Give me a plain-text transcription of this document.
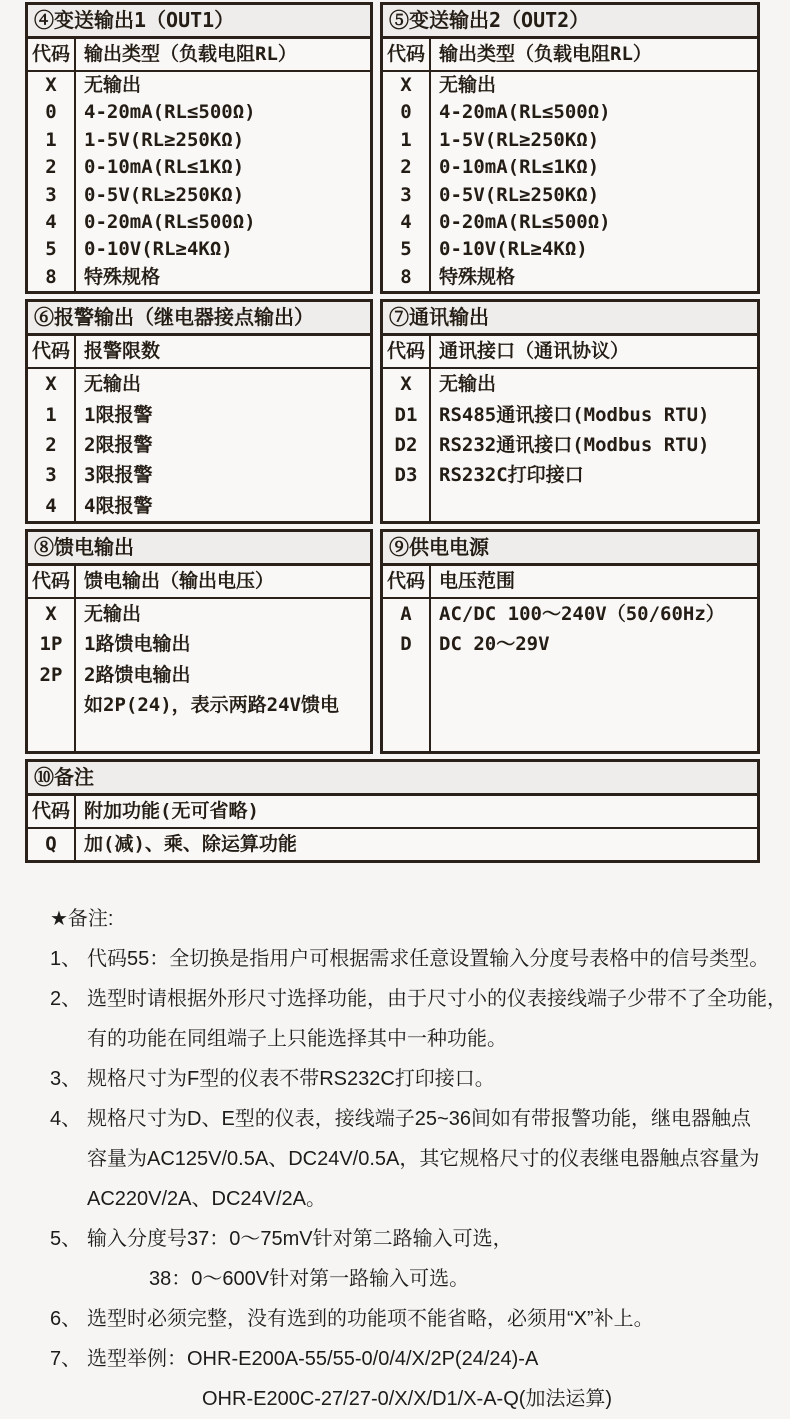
④变送输出1（OUT1）
代码 输出类型（负载电阻RL）
X
0
1
2
3
4
5
8
无输出
4-20mA(RL≤500Ω)
1-5V(RL≥250KΩ)
0-10mA(RL≤1KΩ)
0-5V(RL≥250KΩ)
0-20mA(RL≤500Ω)
0-10V(RL≥4KΩ)
特殊规格
⑤变送输出2（OUT2）
代码 输出类型（负载电阻RL）
X
0
1
2
3
4
5
8
无输出
4-20mA(RL≤500Ω)
1-5V(RL≥250KΩ)
0-10mA(RL≤1KΩ)
0-5V(RL≥250KΩ)
0-20mA(RL≤500Ω)
0-10V(RL≥4KΩ)
特殊规格
⑥报警输出（继电器接点输出）
代码 报警限数
X
1
2
3
4
无输出
1限报警
2限报警
3限报警
4限报警
⑦通讯输出
代码 通讯接口（通讯协议）
X
D1
D2
D3
无输出
RS485通讯接口(Modbus RTU)
RS232通讯接口(Modbus RTU)
RS232C打印接口
⑧馈电输出
代码 馈电输出（输出电压）
X
1P
2P
无输出
1路馈电输出
2路馈电输出
如2P(24)，表示两路24V馈电
⑨供电电源
代码 电压范围
A
D
AC/DC 100～240V（50/60Hz）
DC 20～29V
⑩备注
代码 附加功能(无可省略)
Q	加(减)、乘、除运算功能
★备注:
1、 代码55：全切换是指用户可根据需求任意设置输入分度号表格中的信号类型。
2、 选型时请根据外形尺寸选择功能，由于尺寸小的仪表接线端子少带不了全功能，
有的功能在同组端子上只能选择其中一种功能。
3、 规格尺寸为F型的仪表不带RS232C打印接口。
4、 规格尺寸为D、E型的仪表，接线端子25~36间如有带报警功能，继电器触点
容量为AC125V/0.5A、DC24V/0.5A，其它规格尺寸的仪表继电器触点容量为
AC220V/2A、DC24V/2A。
5、 输入分度号37：0～75mV针对第二路输入可选，
38：0～600V针对第一路输入可选。
6、 选型时必须完整，没有选到的功能项不能省略，必须用“X”补上。
7、 选型举例：OHR-E200A-55/55-0/0/4/X/2P(24/24)-A
OHR-E200C-27/27-0/X/X/D1/X-A-Q(加法运算)
